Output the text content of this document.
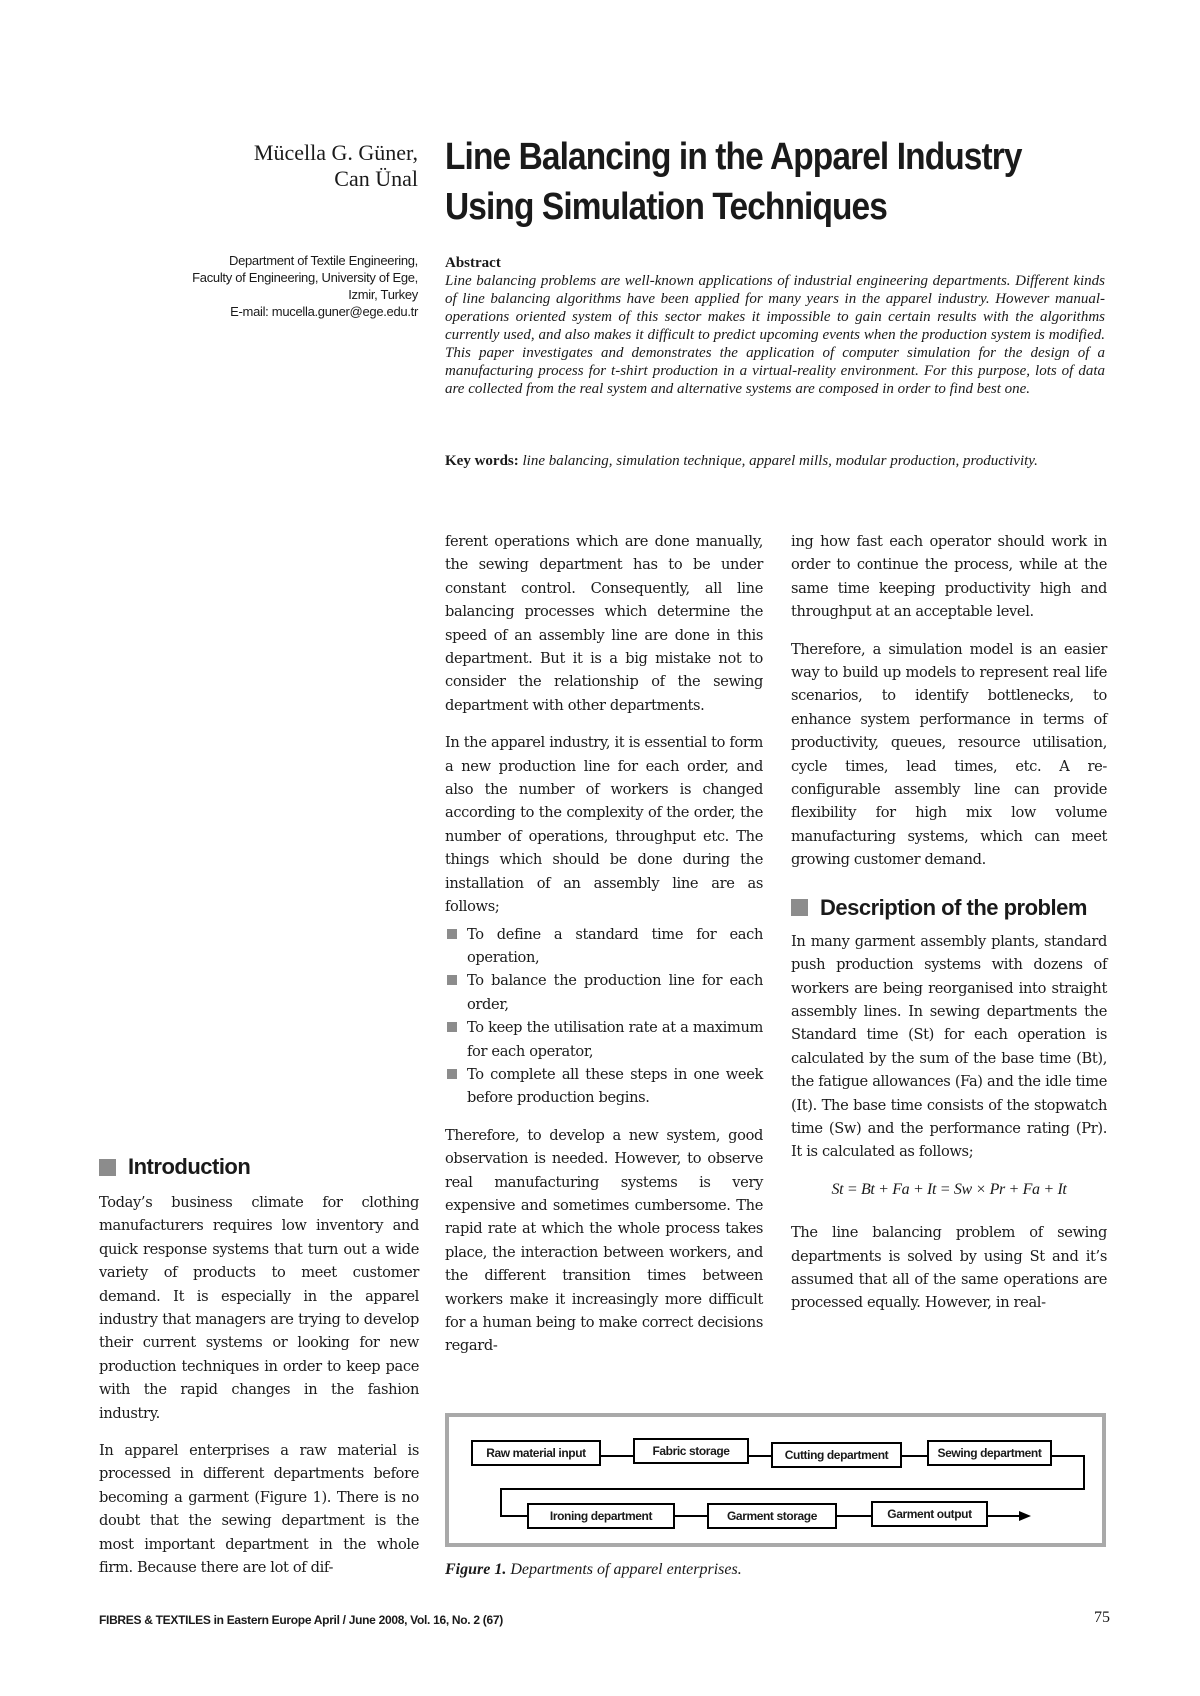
Mücella G. Güner,
Can Ünal
Line Balancing in the Apparel Industry
Using Simulation Techniques
Department of Textile Engineering,
Faculty of Engineering, University of Ege,
Izmir, Turkey
E-mail: mucella.guner@ege.edu.tr
Abstract
Line balancing problems are well-known applications of industrial engineering departments. Different kinds of line balancing algorithms have been applied for many years in the apparel industry. However manual-operations oriented system of this sector makes it impossible to gain certain results with the algorithms currently used, and also makes it difficult to predict upcoming events when the production system is modified. This paper investigates and demonstrates the application of computer simulation for the design of a manufacturing process for t-shirt production in a virtual-reality environment. For this purpose, lots of data are collected from the real system and alternative systems are composed in order to find best one.
Key words: line balancing, simulation technique, apparel mills, modular production, productivity.
Introduction

Today’s business climate for clothing manufacturers requires low inventory and quick response systems that turn out a wide variety of products to meet customer demand. It is especially in the apparel industry that managers are trying to develop their current systems or looking for new production techniques in order to keep pace with the rapid changes in the fashion industry.

In apparel enterprises a raw material is processed in different departments before becoming a garment (Figure 1). There is no doubt that the sewing department is the most important department in the whole firm. Because there are lot of dif-

ferent operations which are done manually, the sewing department has to be under constant control. Consequently, all line balancing processes which determine the speed of an assembly line are done in this department. But it is a big mistake not to consider the relationship of the sewing department with other departments.

In the apparel industry, it is essential to form a new production line for each order, and also the number of workers is changed according to the complexity of the order, the number of operations, throughput etc. The things which should be done during the installation of an assembly line are as follows;

To define a standard time for each operation,
To balance the production line for each order,
To keep the utilisation rate at a maximum for each operator,
To complete all these steps in one week before production begins.

Therefore, to develop a new system, good observation is needed. However, to observe real manufacturing systems is very expensive and sometimes cumbersome. The rapid rate at which the whole process takes place, the interaction between workers, and the different transition times between workers make it increasingly more difficult for a human being to make correct decisions regard-

ing how fast each operator should work in order to continue the process, while at the same time keeping productivity high and throughput at an acceptable level.

Therefore, a simulation model is an easier way to build up models to represent real life scenarios, to identify bottlenecks, to enhance system performance in terms of productivity, queues, resource utilisation, cycle times, lead times, etc. A re-configurable assembly line can provide flexibility for high mix low volume manufacturing systems, which can meet growing customer demand.

Description of the problem

In many garment assembly plants, standard push production systems with dozens of workers are being reorganised into straight assembly lines. In sewing departments the Standard time (St) for each operation is calculated by the sum of the base time (Bt), the fatigue allowances (Fa) and the idle time (It). The base time consists of the stopwatch time (Sw) and the performance rating (Pr). It is calculated as follows;

St = Bt + Fa + It = Sw × Pr + Fa + It

The line balancing problem of sewing departments is solved by using St and it’s assumed that all of the same operations are processed equally. However, in real-

Raw material input	Fabric storage	Cutting department	Sewing department
Ironing department	Garment storage	Garment output
Figure 1. Departments of apparel enterprises.
FIBRES & TEXTILES in Eastern Europe April / June 2008, Vol. 16, No. 2 (67)	75
